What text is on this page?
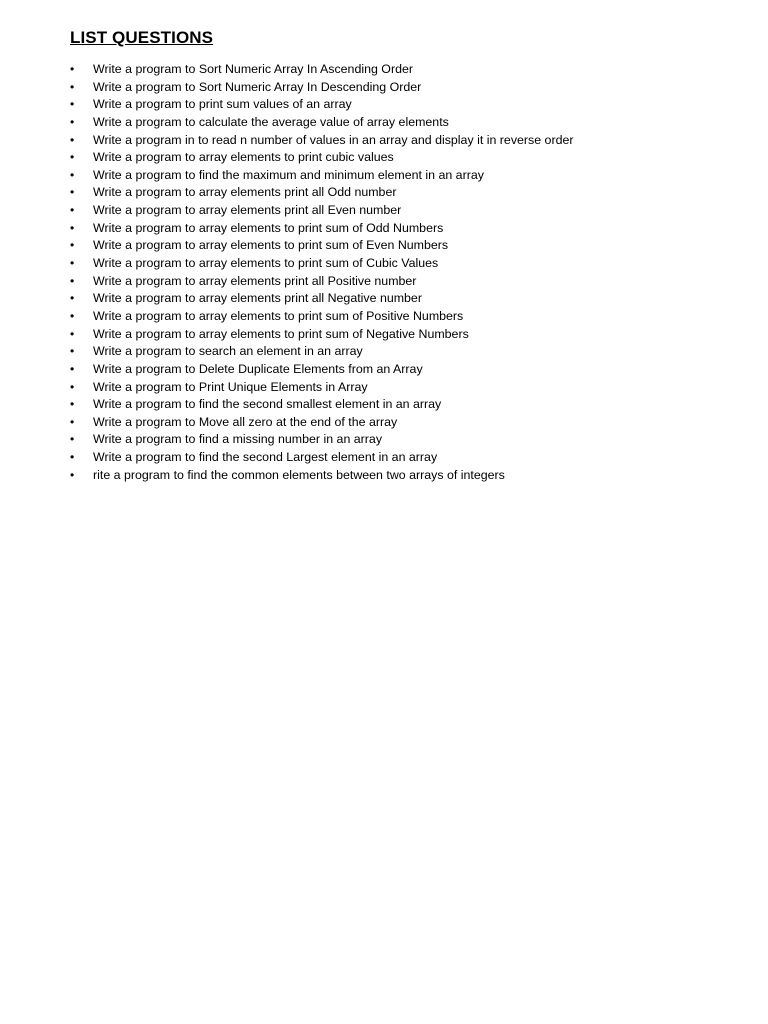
LIST QUESTIONS
•	Write a program to Sort Numeric Array In Ascending Order
•	Write a program to Sort Numeric Array In Descending Order
•	Write a program to print sum values of an array
•	Write a program to calculate the average value of array elements
•	Write a program in to read n number of values in an array and display it in reverse order
•	Write a program to array elements to print cubic values
•	Write a program to find the maximum and minimum element in an array
•	Write a program to array elements print all Odd number
•	Write a program to array elements print all Even number
•	Write a program to array elements to print sum of Odd Numbers
•	Write a program to array elements to print sum of Even Numbers
•	Write a program to array elements to print sum of Cubic Values
•	Write a program to array elements print all Positive number
•	Write a program to array elements print all Negative number
•	Write a program to array elements to print sum of Positive Numbers
•	Write a program to array elements to print sum of Negative Numbers
•	Write a program to search an element in an array
•	Write a program to Delete Duplicate Elements from an Array
•	Write a program to Print Unique Elements in Array
•	Write a program to find the second smallest element in an array
•	Write a program to Move all zero at the end of the array
•	Write a program to find a missing number in an array
•	Write a program to find the second Largest element in an array
•	rite a program to find the common elements between two arrays of integers
